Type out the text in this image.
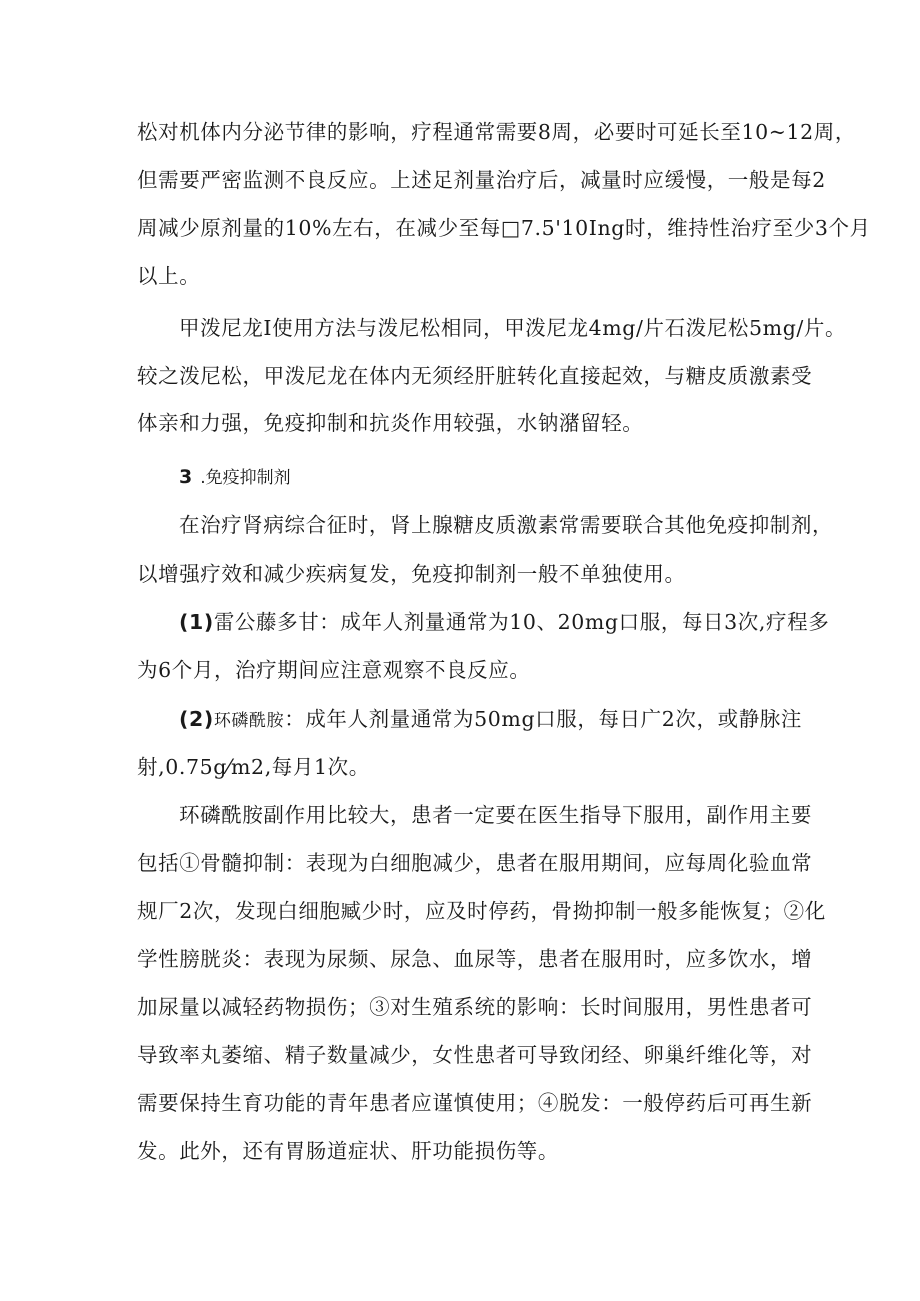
松对机体内分泌节律的影响，疗程通常需要8周，必要时可延长至10~12周，
但需要严密监测不良反应。上述足剂量治疗后，减量时应缓慢，一般是每2
周减少原剂量的10%左右，在减少至每□7.5'10Ing时，维持性治疗至少3个月
以上。
甲泼尼龙I使用方法与泼尼松相同，甲泼尼龙4mg/片石泼尼松5mg/片。
较之泼尼松，甲泼尼龙在体内无须经肝脏转化直接起效，与糖皮质激素受
体亲和力强，免疫抑制和抗炎作用较强，水钠潴留轻。
3 .免疫抑制剂
在治疗肾病综合征时，肾上腺糖皮质激素常需要联合其他免疫抑制剂，
以增强疗效和减少疾病复发，免疫抑制剂一般不单独使用。
(1)雷公藤多甘：成年人剂量通常为10、20mg口服，每日3次,疗程多
为6个月，治疗期间应注意观察不良反应。
(2)环磷酰胺：成年人剂量通常为50mg口服，每日广2次，或静脉注
射,0.75g⁄m2,每月1次。
环磷酰胺副作用比较大，患者一定要在医生指导下服用，副作用主要
包括①骨髓抑制：表现为白细胞减少，患者在服用期间，应每周化验血常
规厂2次，发现白细胞臧少时，应及时停药，骨拗抑制一般多能恢复；②化
学性膀胱炎：表现为尿频、尿急、血尿等，患者在服用时，应多饮水，增
加尿量以减轻药物损伤；③对生殖系统的影响：长时间服用，男性患者可
导致率丸萎缩、精子数量减少，女性患者可导致闭经、卵巢纤维化等，对
需要保持生育功能的青年患者应谨慎使用；④脱发：一般停药后可再生新
发。此外，还有胃肠道症状、肝功能损伤等。
